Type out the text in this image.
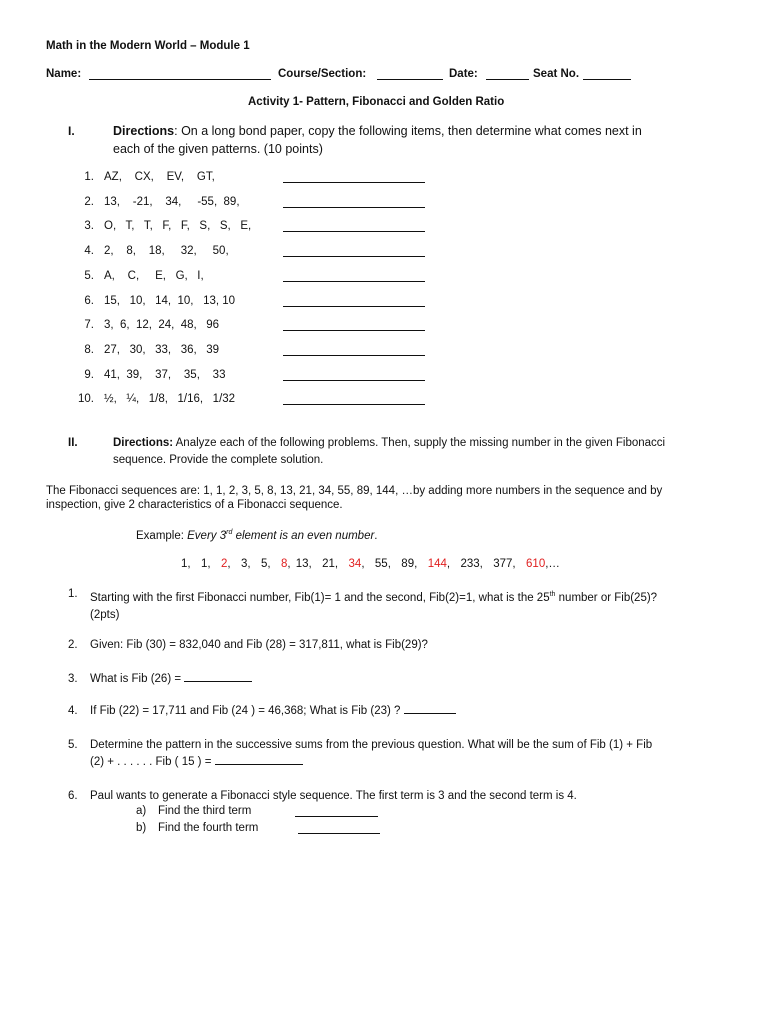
Math in the Modern World – Module 1
Name:	Course/Section:	Date:	Seat No.
Activity 1- Pattern, Fibonacci and Golden Ratio
I.	Directions: On a long bond paper, copy the following items, then determine what comes next in
each of the given patterns. (10 points)
1. AZ,    CX,    EV,    GT,
2. 13,    -21,    34,     -55,  89,
3. O,   T,   T,   F,   F,   S,   S,   E,
4. 2,    8,    18,     32,     50,
5. A,    C,     E,   G,   I,
6. 15,   10,   14,  10,   13, 10
7. 3,  6,  12,  24,  48,   96
8. 27,   30,   33,   36,   39
9. 41,  39,    37,    35,    33
10. ½,   ¼,   1/8,   1/16,   1/32
II.	Directions: Analyze each of the following problems. Then, supply the missing number in the given Fibonacci
sequence. Provide the complete solution.
The Fibonacci sequences are: 1, 1, 2, 3, 5, 8, 13, 21, 34, 55, 89, 144, …by adding more numbers in the sequence and by
inspection, give 2 characteristics of a Fibonacci sequence.
Example: Every 3rd element is an even number.
1, 1, 2, 3, 5, 8, 13, 21, 34, 55, 89, 144, 233, 377, 610,…
1. Starting with the first Fibonacci number, Fib(1)= 1 and the second, Fib(2)=1, what is the 25th number or Fib(25)?
(2pts)
2. Given: Fib (30) = 832,040 and Fib (28) = 317,811, what is Fib(29)?
3. What is Fib (26) =
4. If Fib (22) = 17,711 and Fib (24 ) = 46,368; What is Fib (23) ?
5. Determine the pattern in the successive sums from the previous question. What will be the sum of Fib (1) + Fib
(2) + . . . . . . Fib ( 15 ) =
6. Paul wants to generate a Fibonacci style sequence. The first term is 3 and the second term is 4.
a) Find the third term
b) Find the fourth term
